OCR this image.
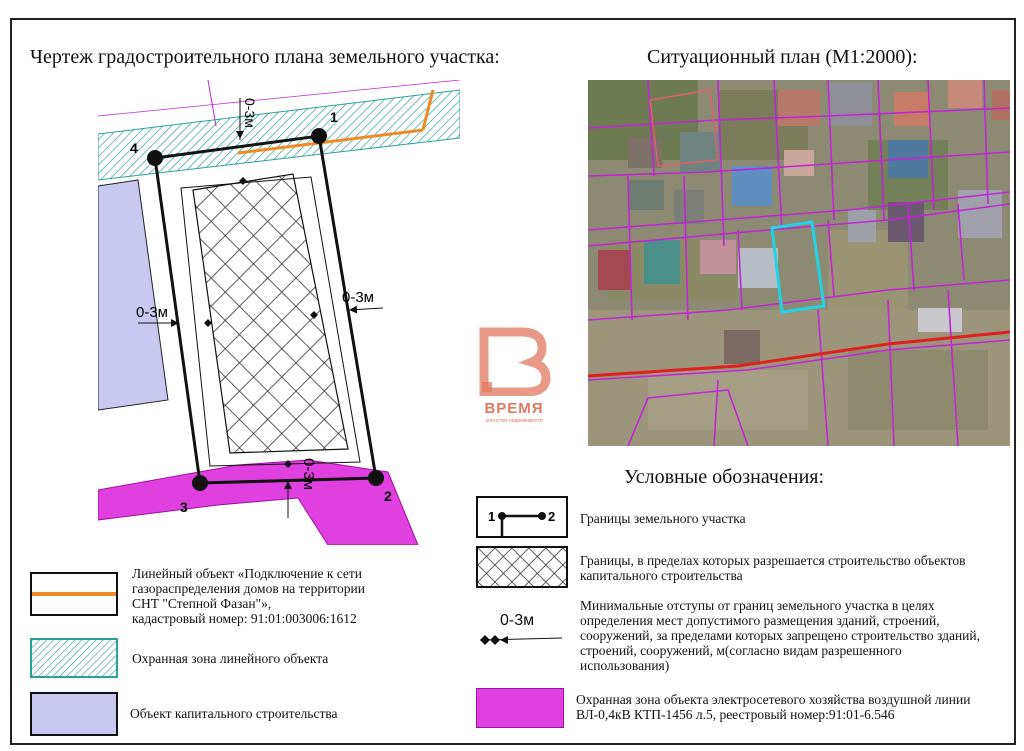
Чертеж градостроительного плана земельного участка:	Ситуационный план (М1:2000):
1
2
3
4
0-3м
0-3м
0-3м
0-3м
ВРЕМЯ
агентство недвижимости
Условные обозначения:
1	2 Границы земельного участка
Границы, в пределах которых разрешается строительство объектов капитального строительства
0-3м
Минимальные отступы от границ земельного участка в целях определения мест допустимого размещения зданий, строений, сооружений, за пределами которых запрещено строительство зданий, строений, сооружений, м(согласно видам разрешенного использования)
Охранная зона объекта электросетевого хозяйства воздушной линии ВЛ-0,4кВ КТП-1456 л.5, реестровый номер:91:01-6.546
Линейный объект «Подключение к сети
газораспределения домов на территории
СНТ "Степной Фазан"»,
кадастровый номер: 91:01:003006:1612
Охранная зона линейного объекта
Объект капитального строительства
